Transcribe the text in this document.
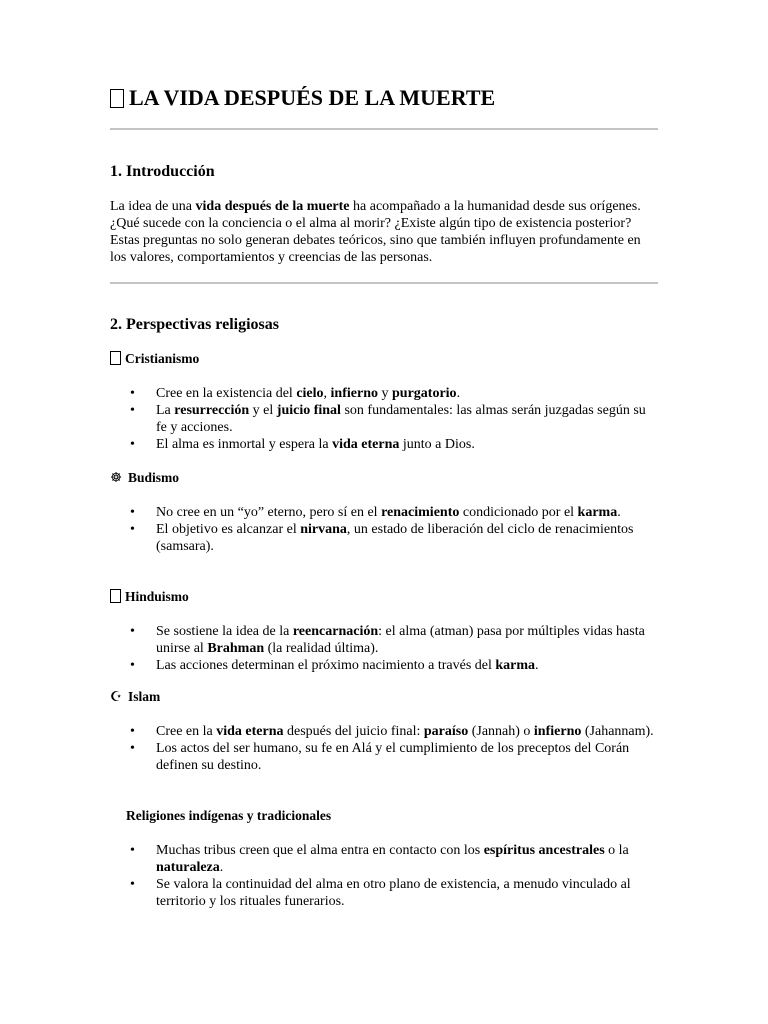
LA VIDA DESPUÉS DE LA MUERTE
1. Introducción
La idea de una vida después de la muerte ha acompañado a la humanidad desde sus orígenes. ¿Qué sucede con la conciencia o el alma al morir? ¿Existe algún tipo de existencia posterior? Estas preguntas no solo generan debates teóricos, sino que también influyen profundamente en los valores, comportamientos y creencias de las personas.
2. Perspectivas religiosas
Cristianismo
• Cree en la existencia del cielo, infierno y purgatorio.
• La resurrección y el juicio final son fundamentales: las almas serán juzgadas según su fe y acciones.
• El alma es inmortal y espera la vida eterna junto a Dios.
☸ Budismo
• No cree en un “yo” eterno, pero sí en el renacimiento condicionado por el karma.
• El objetivo es alcanzar el nirvana, un estado de liberación del ciclo de renacimientos (samsara).
Hinduismo
• Se sostiene la idea de la reencarnación: el alma (atman) pasa por múltiples vidas hasta unirse al Brahman (la realidad última).
• Las acciones determinan el próximo nacimiento a través del karma.
☪ Islam
• Cree en la vida eterna después del juicio final: paraíso (Jannah) o infierno (Jahannam).
• Los actos del ser humano, su fe en Alá y el cumplimiento de los preceptos del Corán definen su destino.
Religiones indígenas y tradicionales
• Muchas tribus creen que el alma entra en contacto con los espíritus ancestrales o la naturaleza.
• Se valora la continuidad del alma en otro plano de existencia, a menudo vinculado al territorio y los rituales funerarios.
